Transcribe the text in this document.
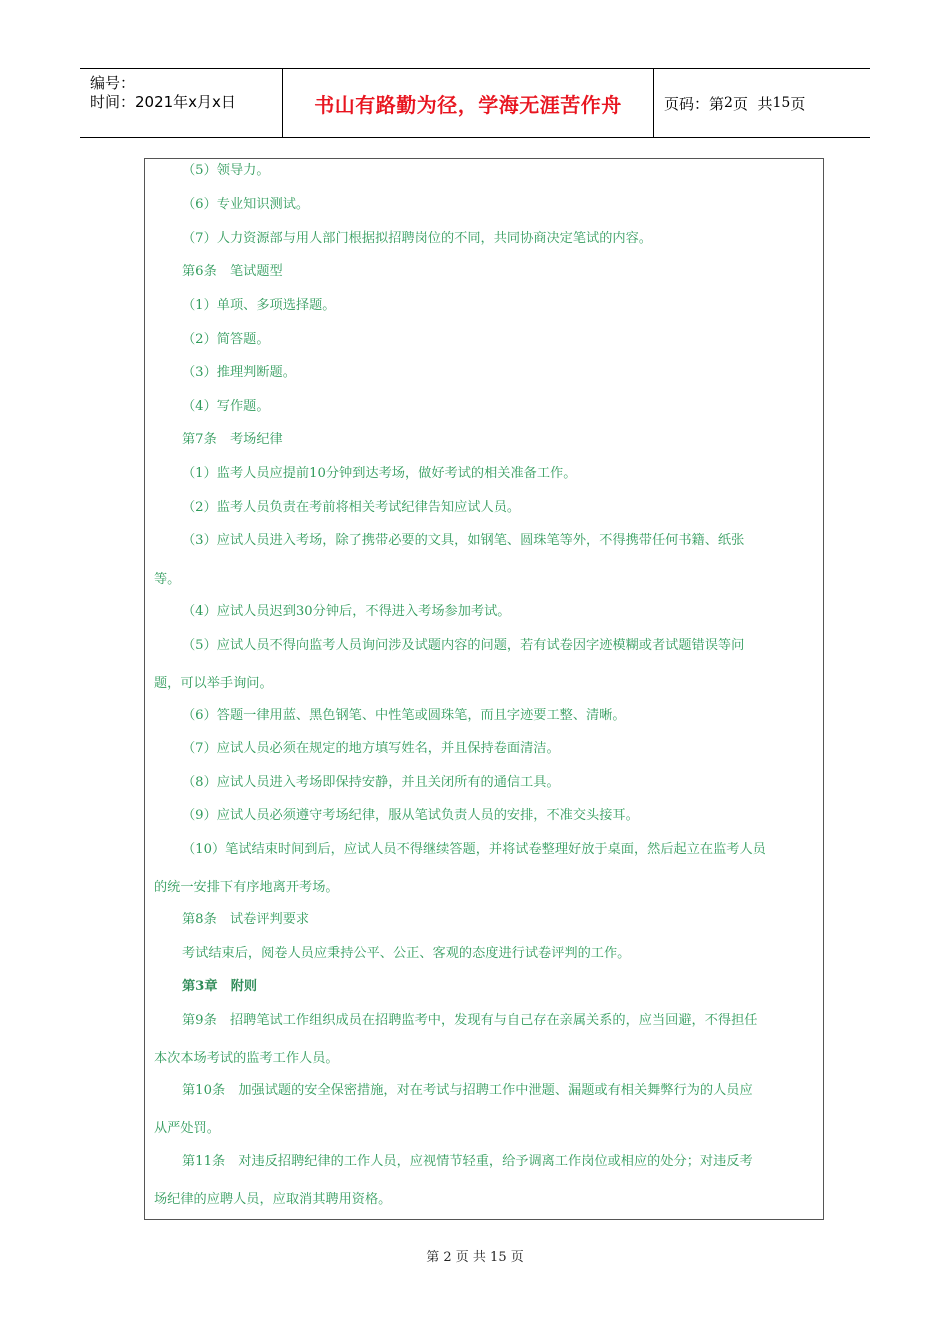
编号：
时间：2021年x月x日	书山有路勤为径，学海无涯苦作舟	页码：第 2 页  共 15 页
（5）领导力。
（6）专业知识测试。
（7）人力资源部与用人部门根据拟招聘岗位的不同，共同协商决定笔试的内容。
第6条　笔试题型
（1）单项、多项选择题。
（2）简答题。
（3）推理判断题。
（4）写作题。
第7条　考场纪律
（1）监考人员应提前10分钟到达考场，做好考试的相关准备工作。
（2）监考人员负责在考前将相关考试纪律告知应试人员。
（3）应试人员进入考场，除了携带必要的文具，如钢笔、圆珠笔等外，不得携带任何书籍、纸张
等。
（4）应试人员迟到30分钟后，不得进入考场参加考试。
（5）应试人员不得向监考人员询问涉及试题内容的问题，若有试卷因字迹模糊或者试题错误等问
题，可以举手询问。
（6）答题一律用蓝、黑色钢笔、中性笔或圆珠笔，而且字迹要工整、清晰。
（7）应试人员必须在规定的地方填写姓名，并且保持卷面清洁。
（8）应试人员进入考场即保持安静，并且关闭所有的通信工具。
（9）应试人员必须遵守考场纪律，服从笔试负责人员的安排，不准交头接耳。
（10）笔试结束时间到后，应试人员不得继续答题，并将试卷整理好放于桌面，然后起立在监考人员
的统一安排下有序地离开考场。
第8条　试卷评判要求
考试结束后，阅卷人员应秉持公平、公正、客观的态度进行试卷评判的工作。
第3章　附则
第9条　招聘笔试工作组织成员在招聘监考中，发现有与自己存在亲属关系的，应当回避，不得担任
本次本场考试的监考工作人员。
第10条　加强试题的安全保密措施，对在考试与招聘工作中泄题、漏题或有相关舞弊行为的人员应
从严处罚。
第11条　对违反招聘纪律的工作人员，应视情节轻重，给予调离工作岗位或相应的处分；对违反考
场纪律的应聘人员，应取消其聘用资格。
第 2 页 共 15 页
